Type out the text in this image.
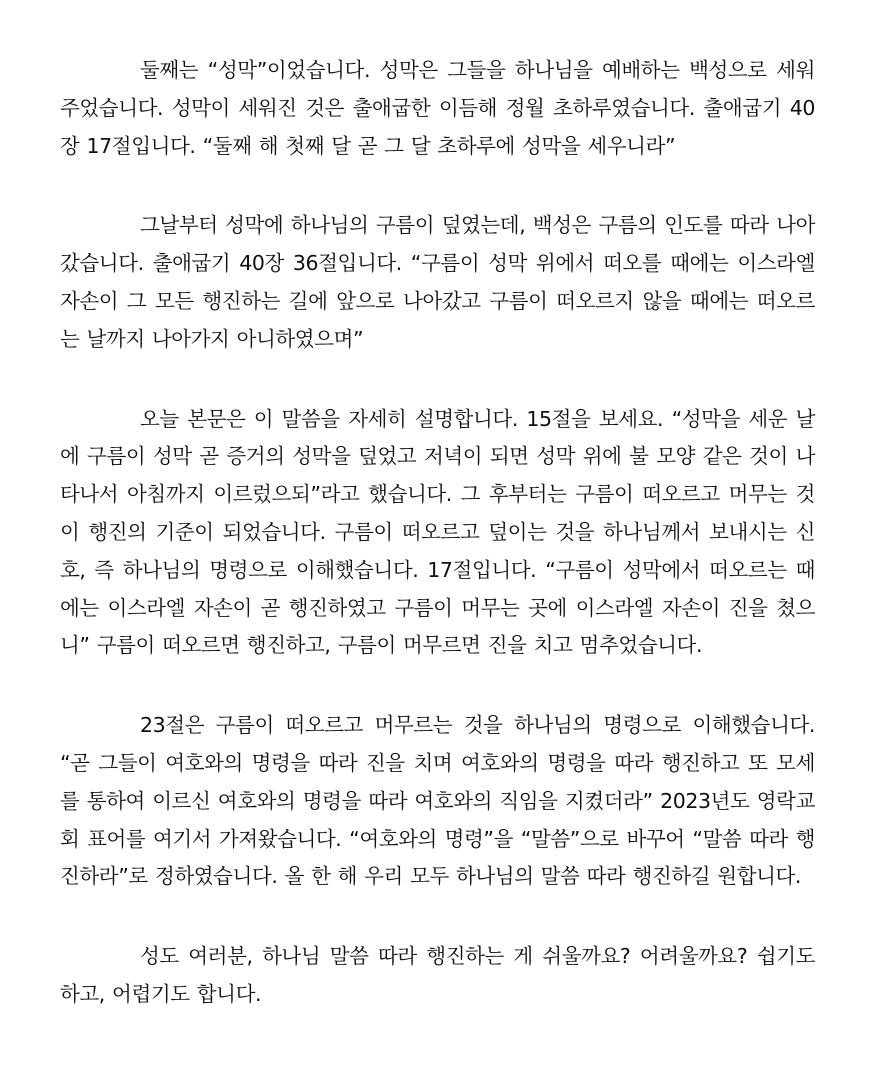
둘째는 “성막”이었습니다. 성막은 그들을 하나님을 예배하는 백성으로 세워 주었습니다. 성막이 세워진 것은 출애굽한 이듬해 정월 초하루였습니다. 출애굽기 40장 17절입니다. “둘째 해 첫째 달 곧 그 달 초하루에 성막을 세우니라”

그날부터 성막에 하나님의 구름이 덮였는데, 백성은 구름의 인도를 따라 나아갔습니다. 출애굽기 40장 36절입니다. “구름이 성막 위에서 떠오를 때에는 이스라엘 자손이 그 모든 행진하는 길에 앞으로 나아갔고 구름이 떠오르지 않을 때에는 떠오르는 날까지 나아가지 아니하였으며”

오늘 본문은 이 말씀을 자세히 설명합니다. 15절을 보세요. “성막을 세운 날에 구름이 성막 곧 증거의 성막을 덮었고 저녁이 되면 성막 위에 불 모양 같은 것이 나타나서 아침까지 이르렀으되”라고 했습니다. 그 후부터는 구름이 떠오르고 머무는 것이 행진의 기준이 되었습니다. 구름이 떠오르고 덮이는 것을 하나님께서 보내시는 신호, 즉 하나님의 명령으로 이해했습니다. 17절입니다. “구름이 성막에서 떠오르는 때에는 이스라엘 자손이 곧 행진하였고 구름이 머무는 곳에 이스라엘 자손이 진을 쳤으니” 구름이 떠오르면 행진하고, 구름이 머무르면 진을 치고 멈추었습니다.

23절은 구름이 떠오르고 머무르는 것을 하나님의 명령으로 이해했습니다. “곧 그들이 여호와의 명령을 따라 진을 치며 여호와의 명령을 따라 행진하고 또 모세를 통하여 이르신 여호와의 명령을 따라 여호와의 직임을 지켰더라” 2023년도 영락교회 표어를 여기서 가져왔습니다. “여호와의 명령”을 “말씀”으로 바꾸어 “말씀 따라 행진하라”로 정하였습니다. 올 한 해 우리 모두 하나님의 말씀 따라 행진하길 원합니다.

성도 여러분, 하나님 말씀 따라 행진하는 게 쉬울까요? 어려울까요? 쉽기도 하고, 어렵기도 합니다.
